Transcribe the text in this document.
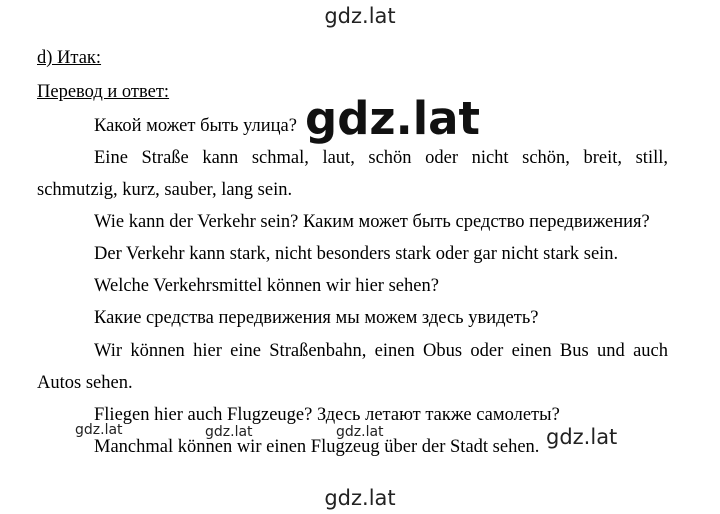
d) Итак:
Перевод и ответ:
Какой может быть улица?
Eine Straße kann schmal, laut, schön oder nicht schön, breit, still,
schmutzig, kurz, sauber, lang sein.
Wie kann der Verkehr sein? Каким может быть средство передвижения?
Der Verkehr kann stark, nicht besonders stark oder gar nicht stark sein.
Welche Verkehrsmittel können wir hier sehen?
Какие средства передвижения мы можем здесь увидеть?
Wir können hier eine Straßenbahn, einen Obus oder einen Bus und auch
Autos sehen.
Fliegen hier auch Flugzeuge? Здесь летают также самолеты?
Manchmal können wir einen Flugzeug über der Stadt sehen.
gdz.lat
gdz.lat
gdz.lat	gdz.lat	gdz.lat	gdz.lat
gdz.lat
